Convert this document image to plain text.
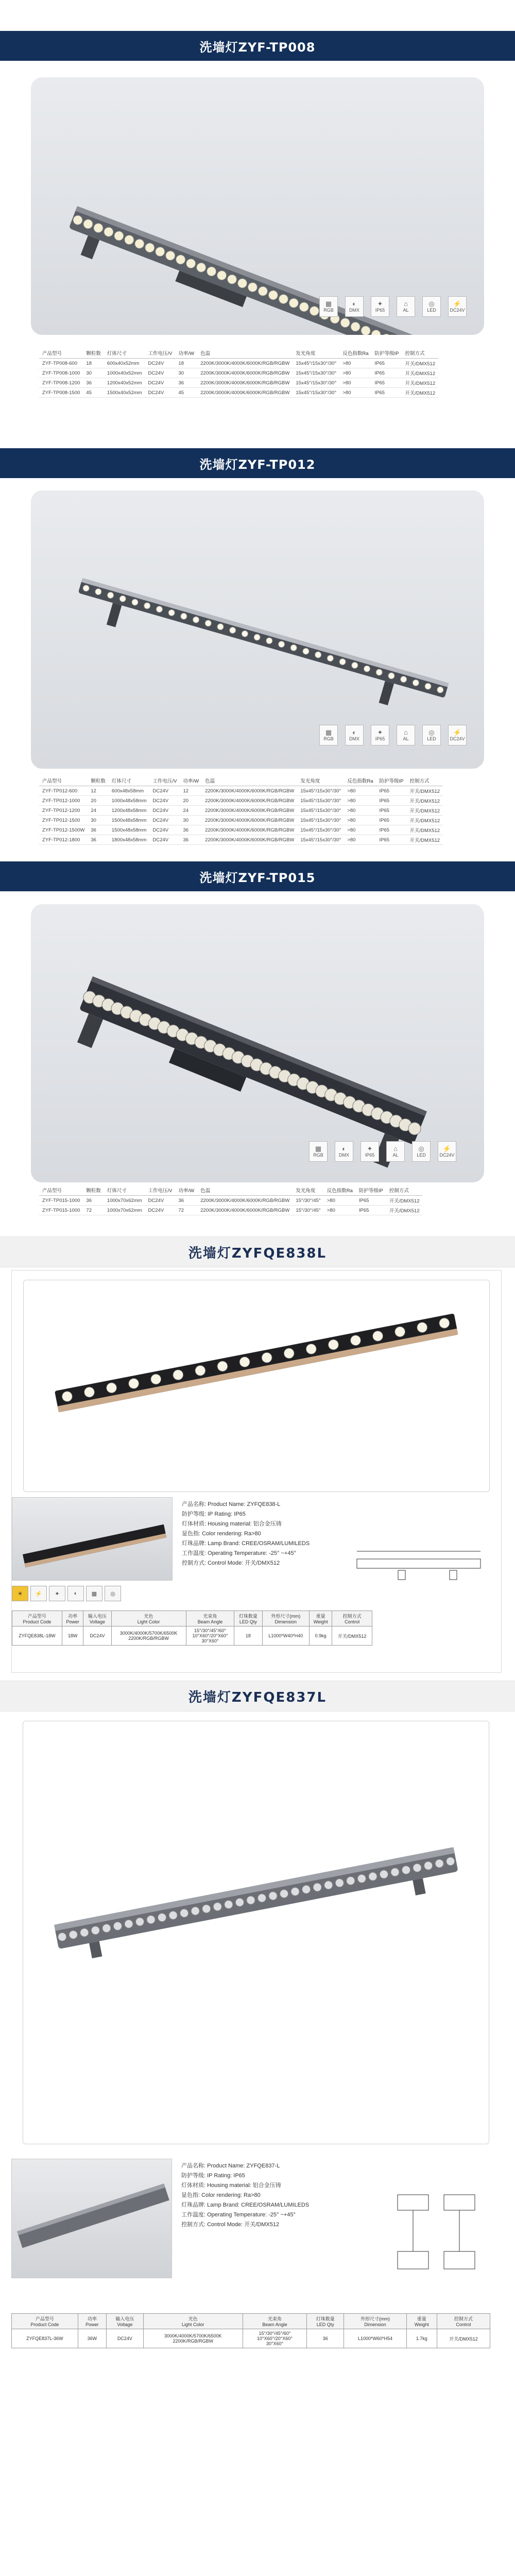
洗墙灯ZYF-TP008
▦
RGB
◐
DMX
✦
IP65
⌂
AL
◎
LED
⚡
DC24V
产品型号	颗粒数	灯体尺寸	工作电压/V	功率/W	色温	发光角度	反色指数Ra	防护等级IP	控制方式
ZYF-TP008-600	18	600x40x52mm	DC24V	18	2200K/3000K/4000K/6000K/RGB/RGBW	15x45°/15x30°/30°	>80	IP65	开关/DMX512
ZYF-TP008-1000	30	1000x40x52mm	DC24V	30	2200K/3000K/4000K/6000K/RGB/RGBW	15x45°/15x30°/30°	>80	IP65	开关/DMX512
ZYF-TP008-1200	36	1200x40x52mm	DC24V	36	2200K/3000K/4000K/6000K/RGB/RGBW	15x45°/15x30°/30°	>80	IP65	开关/DMX512
ZYF-TP008-1500	45	1500x40x52mm	DC24V	45	2200K/3000K/4000K/6000K/RGB/RGBW	15x45°/15x30°/30°	>80	IP65	开关/DMX512
洗墙灯ZYF-TP012
▦
RGB
◐
DMX
✦
IP65
⌂
AL
◎
LED
⚡
DC24V
产品型号	颗粒数	灯体尺寸	工作电压/V	功率/W	色温	发光角度	反色指数Ra	防护等级IP	控制方式
ZYF-TP012-600	12	600x48x58mm	DC24V	12	2200K/3000K/4000K/6000K/RGB/RGBW	15x45°/15x30°/30°	>80	IP65	开关/DMX512
ZYF-TP012-1000	20	1000x48x58mm	DC24V	20	2200K/3000K/4000K/6000K/RGB/RGBW	15x45°/15x30°/30°	>80	IP65	开关/DMX512
ZYF-TP012-1200	24	1200x48x58mm	DC24V	24	2200K/3000K/4000K/6000K/RGB/RGBW	15x45°/15x30°/30°	>80	IP65	开关/DMX512
ZYF-TP012-1500	30	1500x48x58mm	DC24V	30	2200K/3000K/4000K/6000K/RGB/RGBW	15x45°/15x30°/30°	>80	IP65	开关/DMX512
ZYF-TP012-1500W	36	1500x48x58mm	DC24V	36	2200K/3000K/4000K/6000K/RGB/RGBW	15x45°/15x30°/30°	>80	IP65	开关/DMX512
ZYF-TP012-1800	36	1800x48x58mm	DC24V	36	2200K/3000K/4000K/6000K/RGB/RGBW	15x45°/15x30°/30°	>80	IP65	开关/DMX512
洗墙灯ZYF-TP015
▦
RGB
◐
DMX
✦
IP65
⌂
AL
◎
LED
⚡
DC24V
产品型号	颗粒数	灯体尺寸	工作电压/V	功率/W	色温	发光角度	反色指数Ra	防护等级IP	控制方式
ZYF-TP015-1000	36	1000x70x62mm	DC24V	36	2200K/3000K/4000K/6000K/RGB/RGBW	15°/30°/45°	>80	IP65	开关/DMX512
ZYF-TP015-1000	72	1000x70x62mm	DC24V	72	2200K/3000K/4000K/6000K/RGB/RGBW	15°/30°/45°	>80	IP65	开关/DMX512
洗墙灯ZYFQE838L
产品名称: Product Name: ZYFQE838-L
防护等级: IP Rating: IP65
灯体材质: Housing material: 铝合金压铸
显色指: Color rendering: Ra>80
灯珠品牌: Lamp Brand: CREE/OSRAM/LUMILEDS
工作温度: Operating Temperature: -25° ~+45°
控制方式: Control Mode: 开关/DMX512
☀	⚡	✦	◐	▦	◎
产品型号
Product Code	功率
Power	输入电压
Voltage	光色
Light Color	光束角
Beam Angle	灯珠数量
LED Qty	外形尺寸(mm)
Dimension	重量
Weight	控制方式
Control
ZYFQE838L-18W	18W	DC24V	3000K/4000K/5700K/6500K
2200K/RGB/RGBW	15°/30°/45°/60°
10°X60°/20°X60°
30°X60°	18	L1000*W40*H40	0.9kg	开关/DMX512
洗墙灯ZYFQE837L
产品名称: Product Name: ZYFQE837-L
防护等级: IP Rating: IP65
灯体材质: Housing material: 铝合金压铸
显色指: Color rendering: Ra>80
灯珠品牌: Lamp Brand: CREE/OSRAM/LUMILEDS
工作温度: Operating Temperature: -25° ~+45°
控制方式: Control Mode: 开关/DMX512
产品型号
Product Code	功率
Power	输入电压
Voltage	光色
Light Color	光束角
Beam Angle	灯珠数量
LED Qty	外形尺寸(mm)
Dimension	重量
Weight	控制方式
Control
ZYFQE837L-36W	36W	DC24V	3000K/4000K/5700K/6500K
2200K/RGB/RGBW	15°/30°/45°/60°
10°X60°/20°X60°
30°X60°	36	L1000*W60*H54	1.7kg	开关/DMX512
